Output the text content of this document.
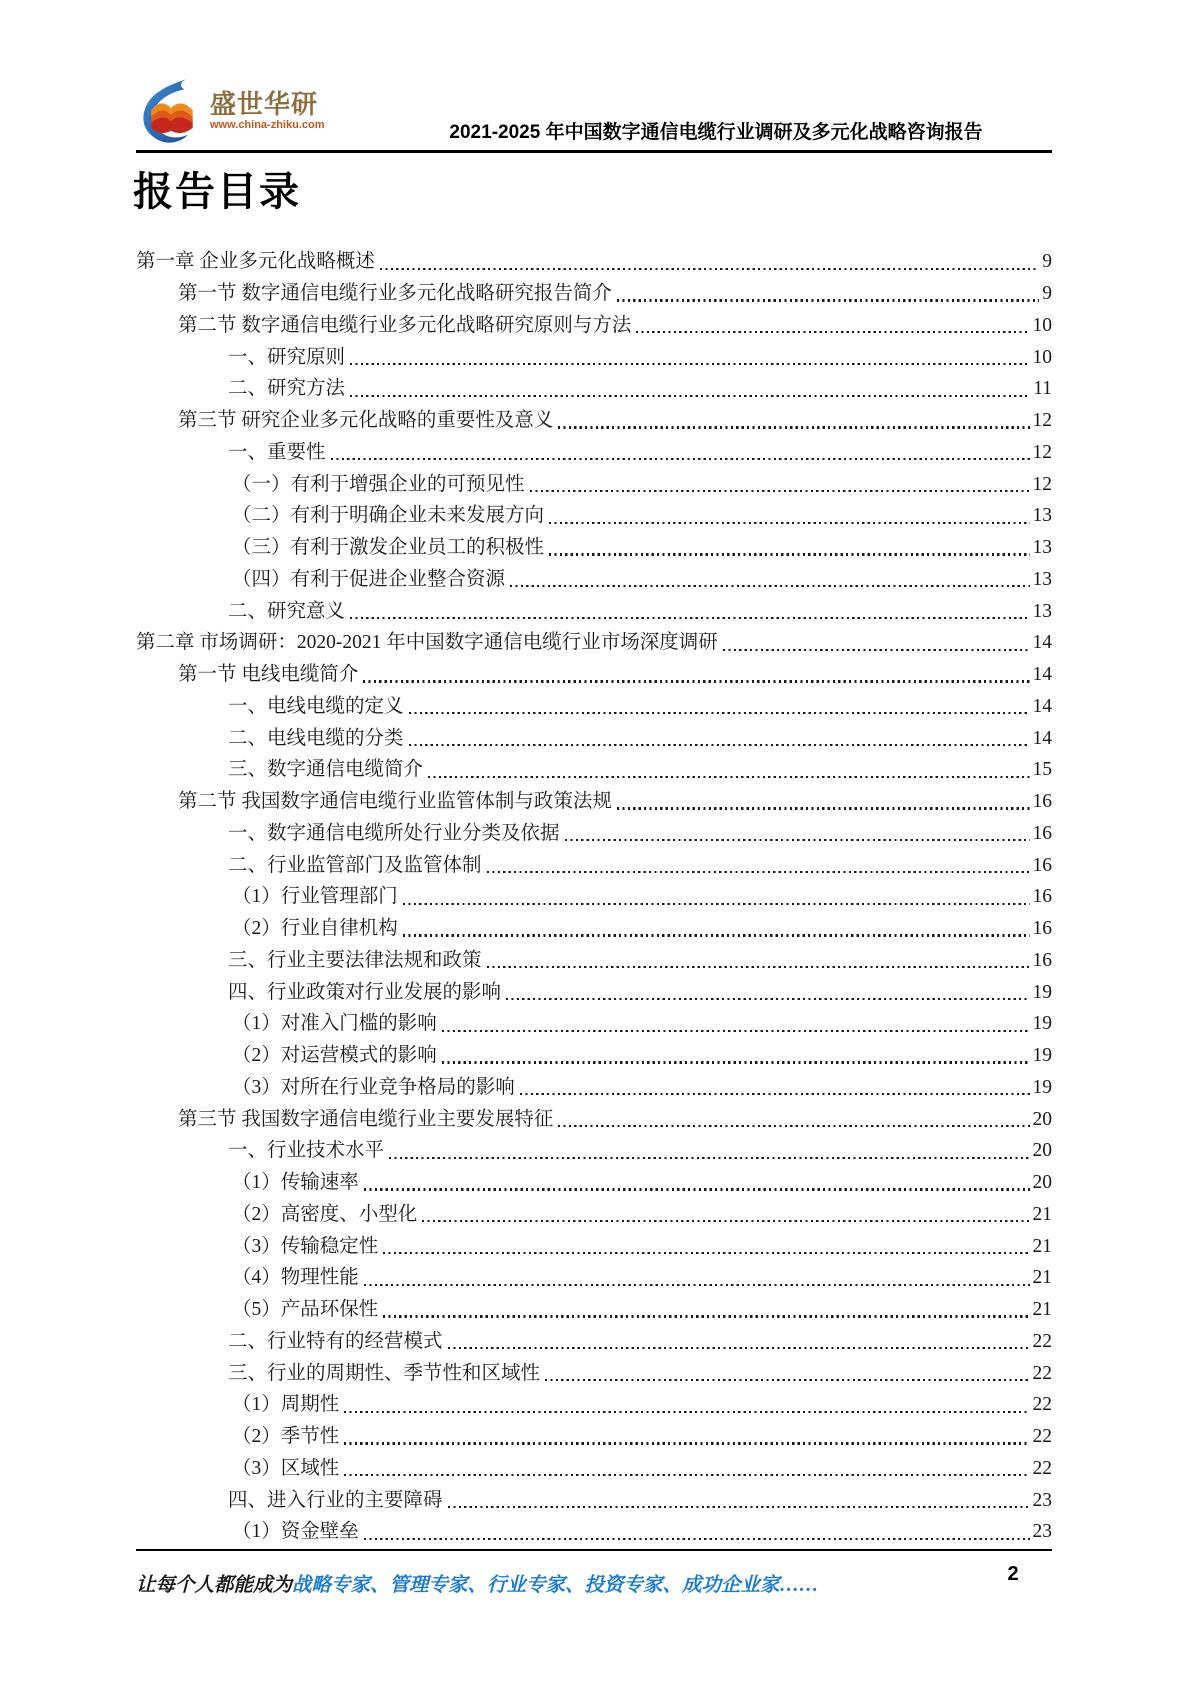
盛世华研
www.china-zhiku.com	2021-2025 年中国数字通信电缆行业调研及多元化战略咨询报告
报告目录
第一章 企业多元化战略概述	9
第一节 数字通信电缆行业多元化战略研究报告简介	9
第二节 数字通信电缆行业多元化战略研究原则与方法	10
一、研究原则	10
二、研究方法	11
第三节 研究企业多元化战略的重要性及意义	12
一、重要性	12
（一）有利于增强企业的可预见性	12
（二）有利于明确企业未来发展方向	13
（三）有利于激发企业员工的积极性	13
（四）有利于促进企业整合资源	13
二、研究意义	13
第二章 市场调研：2020-2021 年中国数字通信电缆行业市场深度调研	14
第一节 电线电缆简介	14
一、电线电缆的定义	14
二、电线电缆的分类	14
三、数字通信电缆简介	15
第二节 我国数字通信电缆行业监管体制与政策法规	16
一、数字通信电缆所处行业分类及依据	16
二、行业监管部门及监管体制	16
（1）行业管理部门	16
（2）行业自律机构	16
三、行业主要法律法规和政策	16
四、行业政策对行业发展的影响	19
（1）对准入门槛的影响	19
（2）对运营模式的影响	19
（3）对所在行业竞争格局的影响	19
第三节 我国数字通信电缆行业主要发展特征	20
一、行业技术水平	20
（1）传输速率	20
（2）高密度、小型化	21
（3）传输稳定性	21
（4）物理性能	21
（5）产品环保性	21
二、行业特有的经营模式	22
三、行业的周期性、季节性和区域性	22
（1）周期性	22
（2）季节性	22
（3）区域性	22
四、进入行业的主要障碍	23
（1）资金壁垒	23
让每个人都能成为战略专家、管理专家、行业专家、投资专家、成功企业家……
2
